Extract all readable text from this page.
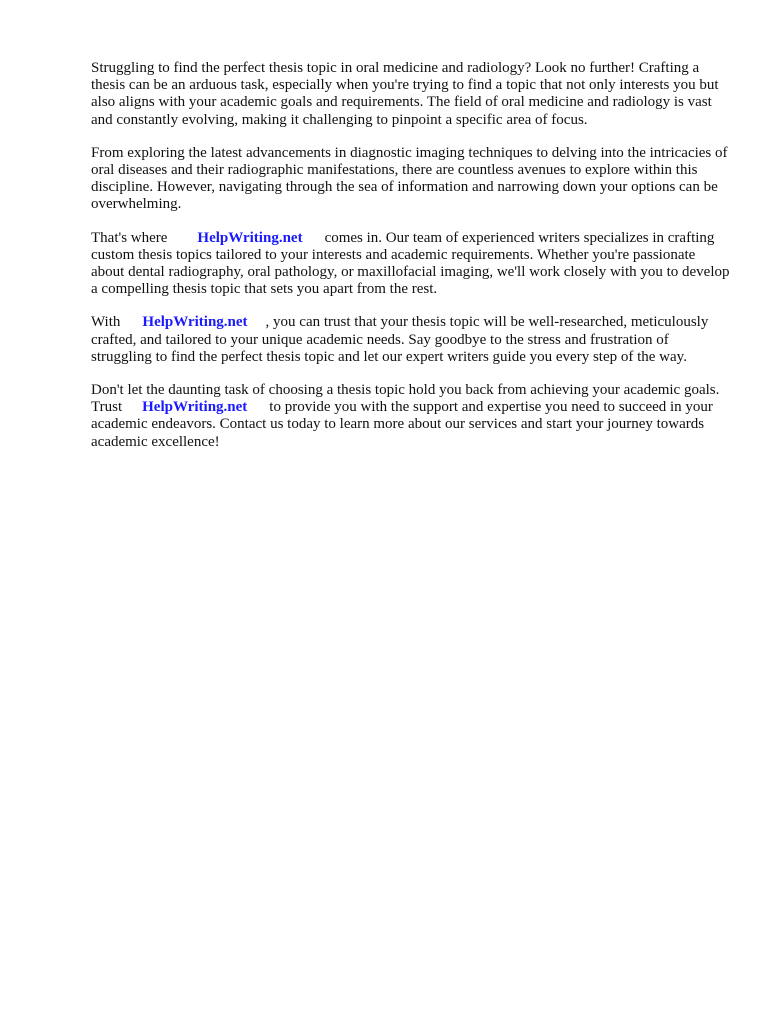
Struggling to find the perfect thesis topic in oral medicine and radiology? Look no further! Crafting a thesis can be an arduous task, especially when you're trying to find a topic that not only interests you but also aligns with your academic goals and requirements. The field of oral medicine and radiology is vast and constantly evolving, making it challenging to pinpoint a specific area of focus.

From exploring the latest advancements in diagnostic imaging techniques to delving into the intricacies of oral diseases and their radiographic manifestations, there are countless avenues to explore within this discipline. However, navigating through the sea of information and narrowing down your options can be overwhelming.

That's where HelpWriting.net comes in. Our team of experienced writers specializes in crafting custom thesis topics tailored to your interests and academic requirements. Whether you're passionate about dental radiography, oral pathology, or maxillofacial imaging, we'll work closely with you to develop a compelling thesis topic that sets you apart from the rest.

With HelpWriting.net , you can trust that your thesis topic will be well-researched, meticulously crafted, and tailored to your unique academic needs. Say goodbye to the stress and frustration of struggling to find the perfect thesis topic and let our expert writers guide you every step of the way.

Don't let the daunting task of choosing a thesis topic hold you back from achieving your academic goals. Trust HelpWriting.net to provide you with the support and expertise you need to succeed in your academic endeavors. Contact us today to learn more about our services and start your journey towards academic excellence!
